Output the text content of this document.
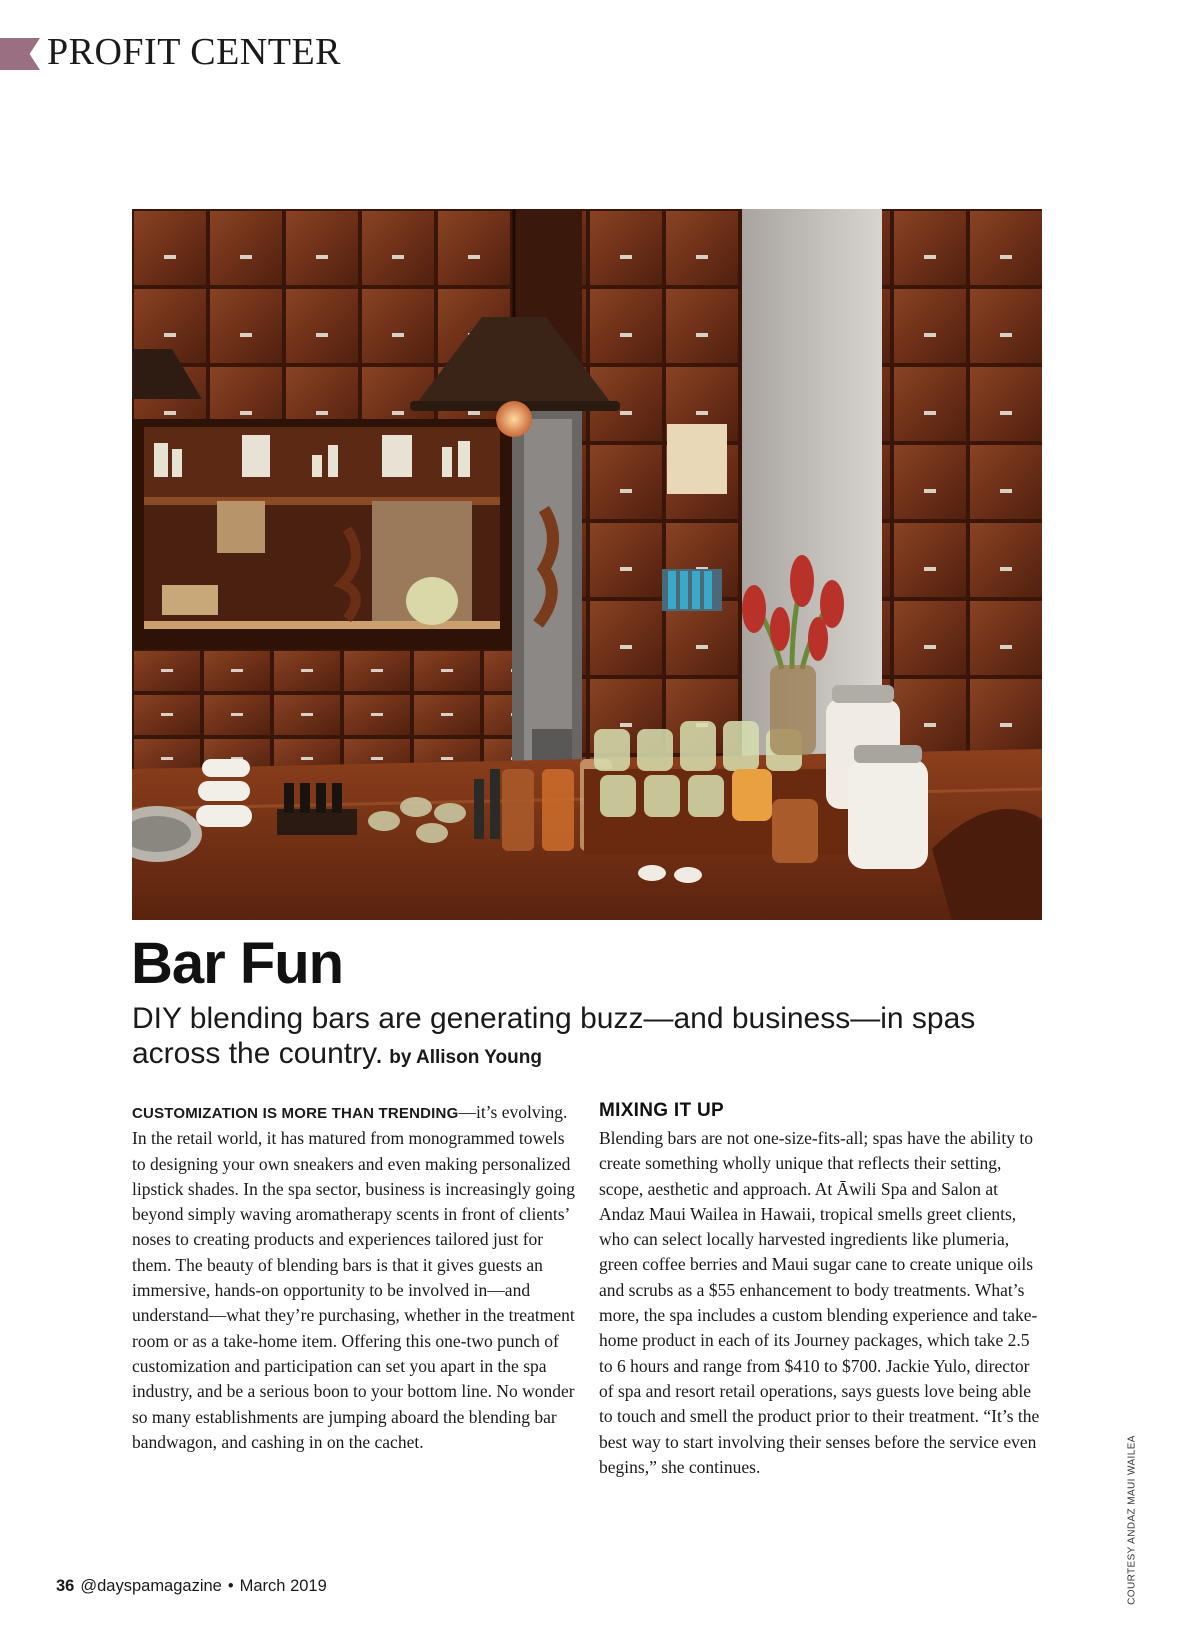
PROFIT CENTER
Bar Fun
DIY blending bars are generating buzz—and business—in spas across the country. by Allison Young

CUSTOMIZATION IS MORE THAN TRENDING—it’s evolving. In the retail world, it has matured from monogrammed towels to designing your own sneakers and even making personalized lipstick shades. In the spa sector, business is increasingly going beyond simply waving aromatherapy scents in front of clients’ noses to creating products and experiences tailored just for them. The beauty of blending bars is that it gives guests an immersive, hands-on opportunity to be involved in—and understand—what they’re purchasing, whether in the treatment room or as a take-home item. Offering this one-two punch of customization and participation can set you apart in the spa industry, and be a serious boon to your bottom line. No wonder so many establishments are jumping aboard the blending bar bandwagon, and cashing in on the cachet.

MIXING IT UP

Blending bars are not one-size-fits-all; spas have the ability to create something wholly unique that reflects their setting, scope, aesthetic and approach. At Āwili Spa and Salon at Andaz Maui Wailea in Hawaii, tropical smells greet clients, who can select locally harvested ingredients like plumeria, green coffee berries and Maui sugar cane to create unique oils and scrubs as a $55 enhancement to body treatments. What’s more, the spa includes a custom blending experience and take-home product in each of its Journey packages, which take 2.5 to 6 hours and range from $410 to $700. Jackie Yulo, director of spa and resort retail operations, says guests love being able to touch and smell the product prior to their treatment. “It’s the best way to start involving their senses before the service even begins,” she continues.	COURTESY ANDAZ MAUI WAILEA
36 @dayspamagazine • March 2019
